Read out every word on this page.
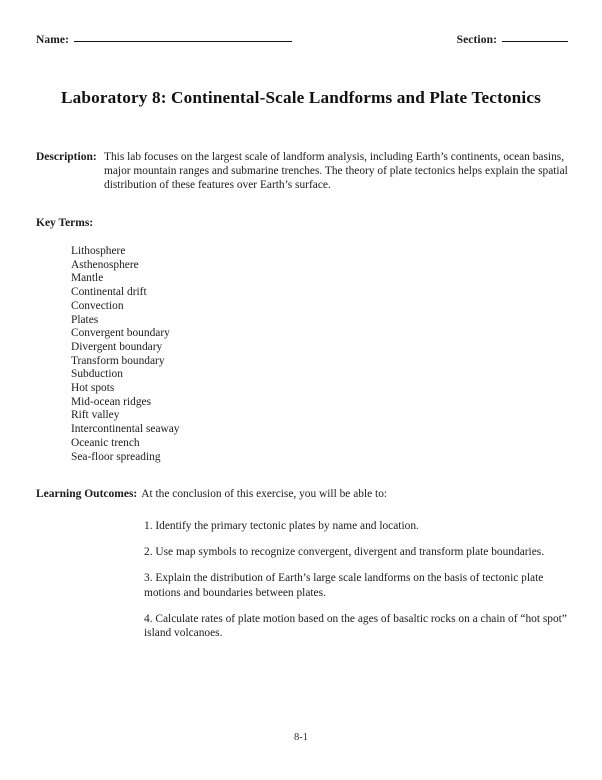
Name:	Section:
Laboratory 8: Continental-Scale Landforms and Plate Tectonics
Description: This lab focuses on the largest scale of landform analysis, including Earth’s continents, ocean basins, major mountain ranges and submarine trenches. The theory of plate tectonics helps explain the spatial distribution of these features over Earth’s surface.
Key Terms:
Lithosphere
Asthenosphere
Mantle
Continental drift
Convection
Plates
Convergent boundary
Divergent boundary
Transform boundary
Subduction
Hot spots
Mid-ocean ridges
Rift valley
Intercontinental seaway
Oceanic trench
Sea-floor spreading
Learning Outcomes: At the conclusion of this exercise, you will be able to:
1. Identify the primary tectonic plates by name and location.
2. Use map symbols to recognize convergent, divergent and transform plate boundaries.
3. Explain the distribution of Earth’s large scale landforms on the basis of tectonic plate motions and boundaries between plates.
4. Calculate rates of plate motion based on the ages of basaltic rocks on a chain of “hot spot” island volcanoes.
8-1
